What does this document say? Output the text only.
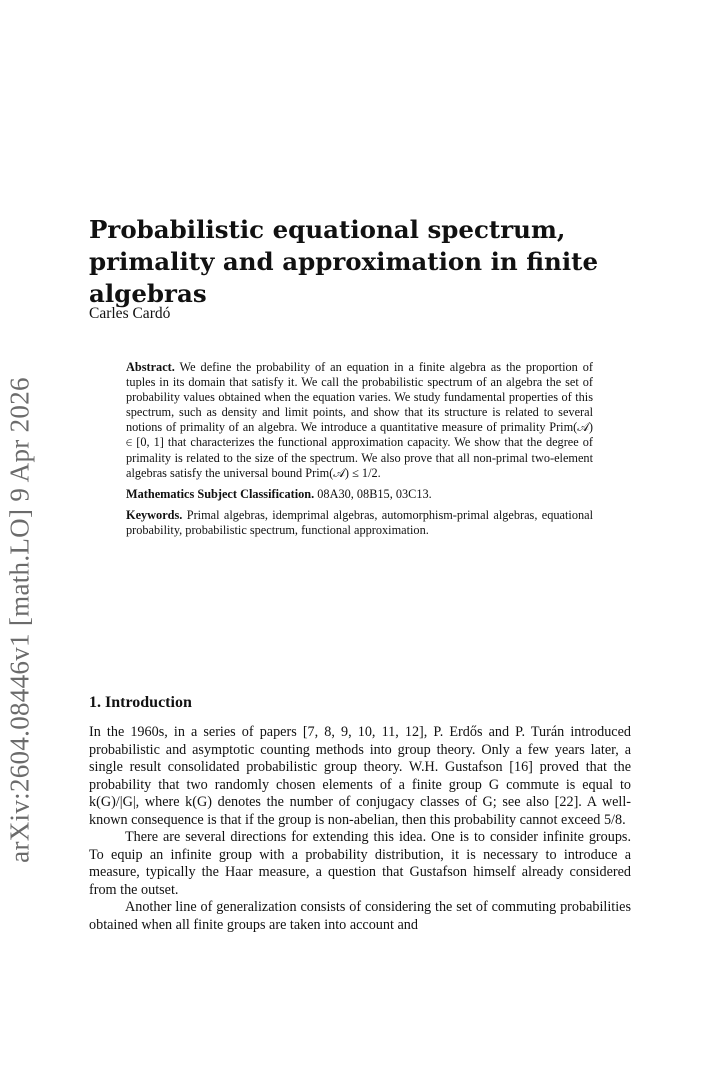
arXiv:2604.08446v1 [math.LO] 9 Apr 2026
Probabilistic equational spectrum, primality and approximation in finite algebras
Carles Cardó

Abstract. We define the probability of an equation in a finite algebra as the proportion of tuples in its domain that satisfy it. We call the probabilistic spectrum of an algebra the set of probability values obtained when the equation varies. We study fundamental properties of this spectrum, such as density and limit points, and show that its structure is related to several notions of primality of an algebra. We introduce a quantitative measure of primality Prim(𝒜) ∈ [0, 1] that characterizes the functional approximation capacity. We show that the degree of primality is related to the size of the spectrum. We also prove that all non-primal two-element algebras satisfy the universal bound Prim(𝒜) ≤ 1/2.

Mathematics Subject Classification. 08A30, 08B15, 03C13.

Keywords. Primal algebras, idemprimal algebras, automorphism-primal algebras, equational probability, probabilistic spectrum, functional approximation.

1. Introduction

In the 1960s, in a series of papers [7, 8, 9, 10, 11, 12], P. Erdős and P. Turán introduced probabilistic and asymptotic counting methods into group theory. Only a few years later, a single result consolidated probabilistic group theory. W.H. Gustafson [16] proved that the probability that two randomly chosen elements of a finite group G commute is equal to k(G)/|G|, where k(G) denotes the number of conjugacy classes of G; see also [22]. A well-known consequence is that if the group is non-abelian, then this probability cannot exceed 5/8.

There are several directions for extending this idea. One is to consider infinite groups. To equip an infinite group with a probability distribution, it is necessary to introduce a measure, typically the Haar measure, a question that Gustafson himself already considered from the outset.

Another line of generalization consists of considering the set of commuting probabilities obtained when all finite groups are taken into account and
